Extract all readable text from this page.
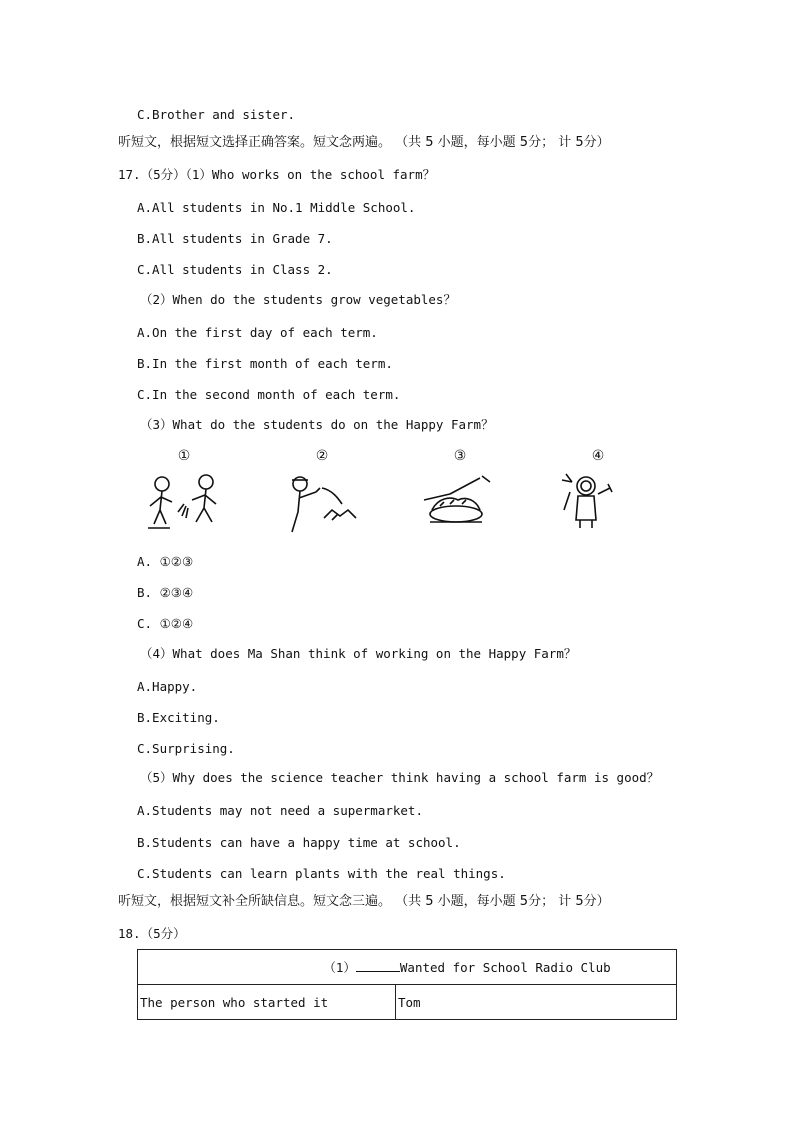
C.Brother and sister.
听短文，根据短文选择正确答案。短文念两遍。 （共 5 小题，每小题 5分； 计 5分）
17.（5分）（1）Who works on the school farm？
A.All students in No.1 Middle School.
B.All students in Grade 7.
C.All students in Class 2.
（2）When do the students grow vegetables？
A.On the first day of each term.
B.In the first month of each term.
C.In the second month of each term.
（3）What do the students do on the Happy Farm？
①	②	③	④
A. ①②③
B. ②③④
C. ①②④
（4）What does Ma Shan think of working on the Happy Farm？
A.Happy.
B.Exciting.
C.Surprising.
（5）Why does the science teacher think having a school farm is good？
A.Students may not need a supermarket.
B.Students can have a happy time at school.
C.Students can learn plants with the real things.
听短文，根据短文补全所缺信息。短文念三遍。 （共 5 小题，每小题 5分； 计 5分）
18.（5分）
（1）	Wanted for School Radio Club
The person who started it	Tom
